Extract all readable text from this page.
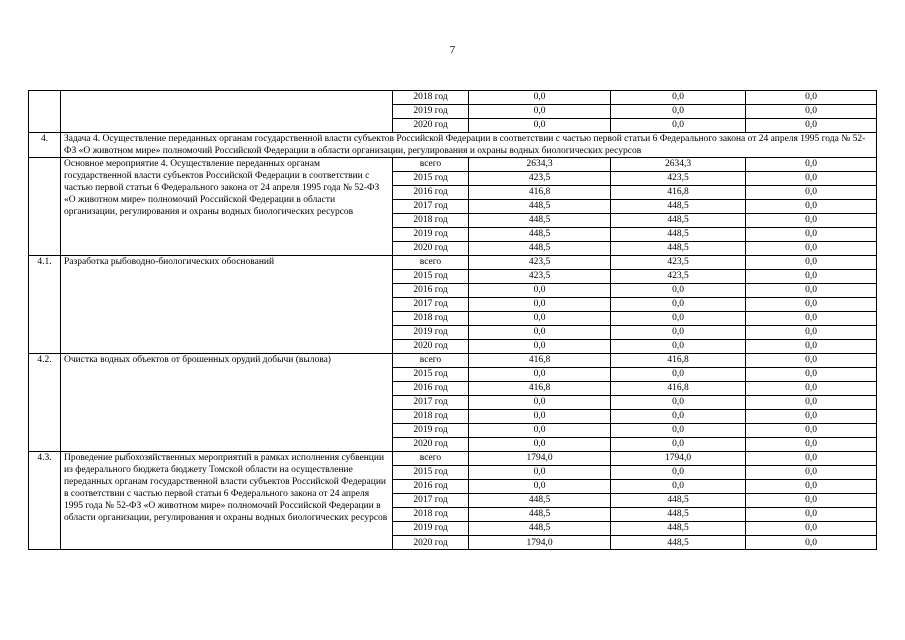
7
		2018 год	0,0	0,0	0,0
		2019 год	0,0	0,0	0,0
		2020 год	0,0	0,0	0,0
4.	Задача 4. Осуществление переданных органам государственной власти субъектов Российской Федерации в соответствии с частью первой статьи 6 Федерального закона от 24 апреля 1995 года № 52-ФЗ «О животном мире» полномочий Российской Федерации в области организации, регулирования и охраны водных биологических ресурсов				
	Основное мероприятие 4. Осуществление переданных органам государственной власти субъектов Российской Федерации в соответствии с частью первой статьи 6 Федерального закона от 24 апреля 1995 года № 52-ФЗ «О животном мире» полномочий Российской Федерации в области организации, регулирования и охраны водных биологических ресурсов	всего	2634,3	2634,3	0,0
		2015 год	423,5	423,5	0,0
		2016 год	416,8	416,8	0,0
		2017 год	448,5	448,5	0,0
		2018 год	448,5	448,5	0,0
		2019 год	448,5	448,5	0,0
		2020 год	448,5	448,5	0,0
4.1.	Разработка рыбоводно-биологических обоснований	всего	423,5	423,5	0,0
		2015 год	423,5	423,5	0,0
		2016 год	0,0	0,0	0,0
		2017 год	0,0	0,0	0,0
		2018 год	0,0	0,0	0,0
		2019 год	0,0	0,0	0,0
		2020 год	0,0	0,0	0,0
4.2.	Очистка водных объектов от брошенных орудий добычи (вылова)	всего	416,8	416,8	0,0
		2015 год	0,0	0,0	0,0
		2016 год	416,8	416,8	0,0
		2017 год	0,0	0,0	0,0
		2018 год	0,0	0,0	0,0
		2019 год	0,0	0,0	0,0
		2020 год	0,0	0,0	0,0
4.3.	Проведение рыбохозяйственных мероприятий в рамках исполнения субвенции из федерального бюджета бюджету Томской области на осуществление переданных органам государственной власти субъектов Российской Федерации в соответствии с частью первой статьи 6 Федерального закона от 24 апреля 1995 года № 52-ФЗ «О животном мире» полномочий Российской Федерации в области организации, регулирования и охраны водных биологических ресурсов	всего	1794,0	1794,0	0,0
		2015 год	0,0	0,0	0,0
		2016 год	0,0	0,0	0,0
		2017 год	448,5	448,5	0,0
		2018 год	448,5	448,5	0,0
		2019 год	448,5	448,5	0,0
		2020 год	1794,0	448,5	0,0
